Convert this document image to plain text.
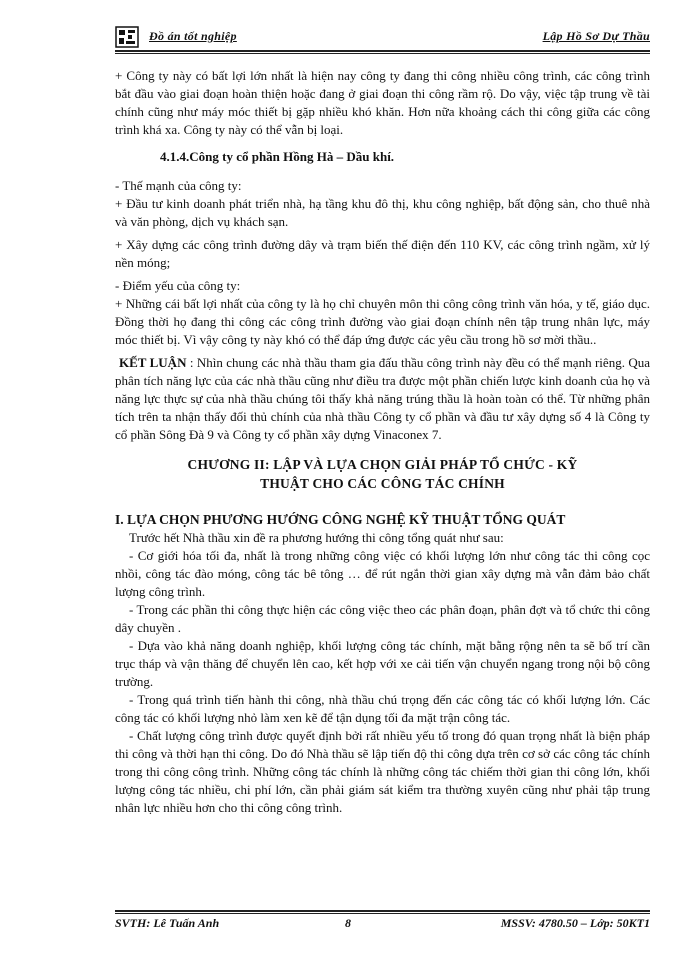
Đồ án tốt nghiệp	Lập Hồ Sơ Dự Thầu

+ Công ty này có bất lợi lớn nhất là hiện nay công ty đang thi công nhiều công trình, các công trình bắt đầu vào giai đoạn hoàn thiện hoặc đang ở giai đoạn thi công rầm rộ. Do vậy, việc tập trung về tài chính cũng như máy móc thiết bị gặp nhiều khó khăn. Hơn nữa khoảng cách thi công giữa các công trình khá xa. Công ty này có thể vẫn bị loại.

4.1.4.Công ty cổ phần Hồng Hà – Dầu khí.

- Thế mạnh của công ty:

+ Đầu tư kinh doanh phát triển nhà, hạ tầng khu đô thị, khu công nghiệp, bất động sản, cho thuê nhà và văn phòng, dịch vụ khách sạn.

+ Xây dựng các công trình đường dây và trạm biến thế điện đến 110 KV, các công trình ngầm, xử lý nền móng;

- Điểm yếu của công ty:

+ Những cái bất lợi nhất của công ty là họ chỉ chuyên môn thi công công trình văn hóa, y tế, giáo dục. Đồng thời họ đang thi công các công trình đường vào giai đoạn chính nên tập trung nhân lực, máy móc thiết bị. Vì vậy công ty này khó có thể đáp ứng được các yêu cầu trong hồ sơ mời thầu..

KẾT LUẬN : Nhìn chung các nhà thầu tham gia đấu thầu công trình này đều có thể mạnh riêng. Qua phân tích năng lực của các nhà thầu cũng như điều tra được một phần chiến lược kinh doanh của họ và năng lực thực sự của nhà thầu chúng tôi thấy khả năng trúng thầu là hoàn toàn có thể. Từ những phân tích trên ta nhận thấy đối thủ chính của nhà thầu Công ty cổ phần và đầu tư xây dựng số 4 là Công ty cổ phần Sông Đà 9 và Công ty cổ phần xây dựng Vinaconex 7.

CHƯƠNG II: LẬP VÀ LỰA CHỌN GIẢI PHÁP TỔ CHỨC - KỸ

THUẬT CHO CÁC CÔNG TÁC CHÍNH

I. LỰA CHỌN PHƯƠNG HƯỚNG CÔNG NGHỆ KỸ THUẬT TỔNG QUÁT

Trước hết Nhà thầu xin đề ra phương hướng thi công tổng quát như sau:

- Cơ giới hóa tối đa, nhất là trong những công việc có khối lượng lớn như công tác thi công cọc nhồi, công tác đào móng, công tác bê tông … để rút ngắn thời gian xây dựng mà vẫn đảm bảo chất lượng công trình.

- Trong các phần thi công thực hiện các công việc theo các phân đoạn, phân đợt và tổ chức thi công dây chuyền .

- Dựa vào khả năng doanh nghiệp, khối lượng công tác chính, mặt bằng rộng nên ta sẽ bố trí cần trục tháp và vận thăng để chuyển lên cao, kết hợp với xe cải tiến vận chuyển ngang trong nội bộ công trường.

- Trong quá trình tiến hành thi công, nhà thầu chú trọng đến các công tác có khối lượng lớn. Các công tác có khối lượng nhỏ làm xen kẽ để tận dụng tối đa mặt trận công tác.

- Chất lượng công trình được quyết định bởi rất nhiều yếu tố trong đó quan trọng nhất là biện pháp thi công và thời hạn thi công. Do đó Nhà thầu sẽ lập tiến độ thi công dựa trên cơ sở các công tác chính trong thi công công trình. Những công tác chính là những công tác chiếm thời gian thi công lớn, khối lượng công tác nhiều, chi phí lớn, cần phải giám sát kiểm tra thường xuyên cũng như phải tập trung nhân lực nhiều hơn cho thi công công trình.

SVTH: Lê Tuấn Anh	8	MSSV: 4780.50 – Lớp: 50KT1
